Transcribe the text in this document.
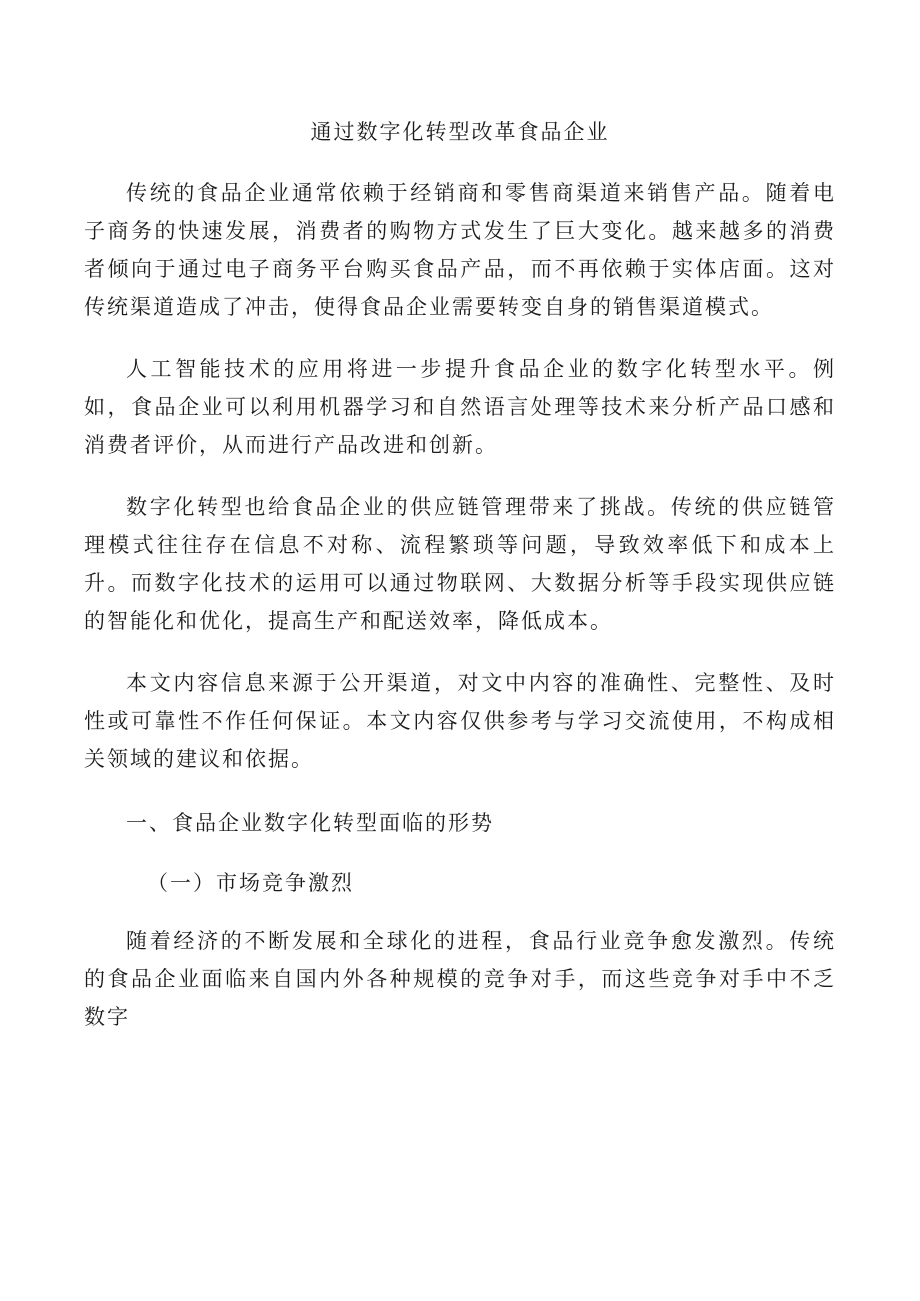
通过数字化转型改革食品企业

传统的食品企业通常依赖于经销商和零售商渠道来销售产品。随着电子商务的快速发展，消费者的购物方式发生了巨大变化。越来越多的消费者倾向于通过电子商务平台购买食品产品，而不再依赖于实体店面。这对传统渠道造成了冲击，使得食品企业需要转变自身的销售渠道模式。

人工智能技术的应用将进一步提升食品企业的数字化转型水平。例如，食品企业可以利用机器学习和自然语言处理等技术来分析产品口感和消费者评价，从而进行产品改进和创新。

数字化转型也给食品企业的供应链管理带来了挑战。传统的供应链管理模式往往存在信息不对称、流程繁琐等问题，导致效率低下和成本上升。而数字化技术的运用可以通过物联网、大数据分析等手段实现供应链的智能化和优化，提高生产和配送效率，降低成本。

本文内容信息来源于公开渠道，对文中内容的准确性、完整性、及时性或可靠性不作任何保证。本文内容仅供参考与学习交流使用，不构成相关领域的建议和依据。

一、食品企业数字化转型面临的形势

（一）市场竞争激烈

随着经济的不断发展和全球化的进程，食品行业竞争愈发激烈。传统的食品企业面临来自国内外各种规模的竞争对手，而这些竞争对手中不乏数字
